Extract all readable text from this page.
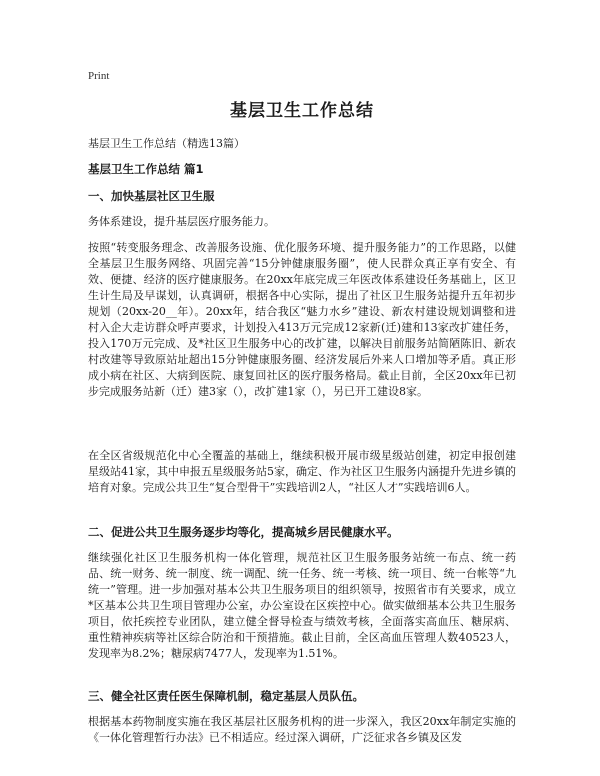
Print
基层卫生工作总结
基层卫生工作总结（精选13篇）
基层卫生工作总结 篇1
一、加快基层社区卫生服

务体系建设，提升基层医疗服务能力。

按照“转变服务理念、改善服务设施、优化服务环境、提升服务能力”的工作思路，以健全基层卫生服务网络、巩固完善“15分钟健康服务圈”，使人民群众真正享有安全、有效、便捷、经济的医疗健康服务。在20xx年底完成三年医改体系建设任务基础上，区卫生计生局及早谋划，认真调研，根据各中心实际，提出了社区卫生服务站提升五年初步规划（20xx-20__年）。20xx年，结合我区“魅力水乡”建设、新农村建设规划调整和进村入企大走访群众呼声要求，计划投入413万元完成12家新(迁)建和13家改扩建任务，投入170万元完成、及*社区卫生服务中心的改扩建，以解决目前服务站简陋陈旧、新农村改建等导致原站址超出15分钟健康服务圈、经济发展后外来人口增加等矛盾。真正形成小病在社区、大病到医院、康复回社区的医疗服务格局。截止目前，全区20xx年已初步完成服务站新（迁）建3家（），改扩建1家（），另已开工建设8家。

在全区省级规范化中心全覆盖的基础上，继续积极开展市级星级站创建，初定申报创建星级站41家，其中申报五星级服务站5家，确定、作为社区卫生服务内涵提升先进乡镇的培育对象。完成公共卫生“复合型骨干”实践培训2人，“社区人才”实践培训6人。

二、促进公共卫生服务逐步均等化，提高城乡居民健康水平。

继续强化社区卫生服务机构一体化管理，规范社区卫生服务服务站统一布点、统一药品、统一财务、统一制度、统一调配、统一任务、统一考核、统一项目、统一台帐等“九统一”管理。进一步加强对基本公共卫生服务项目的组织领导，按照省市有关要求，成立*区基本公共卫生项目管理办公室，办公室设在区疾控中心。做实做细基本公共卫生服务项目，依托疾控专业团队，建立健全督导检查与绩效考核，全面落实高血压、糖尿病、重性精神疾病等社区综合防治和干预措施。截止目前，全区高血压管理人数40523人，发现率为8.2%；糖尿病7477人，发现率为1.51%。

三、健全社区责任医生保障机制，稳定基层人员队伍。

根据基本药物制度实施在我区基层社区服务机构的进一步深入，我区20xx年制定实施的《一体化管理暂行办法》已不相适应。经过深入调研，广泛征求各乡镇及区发
